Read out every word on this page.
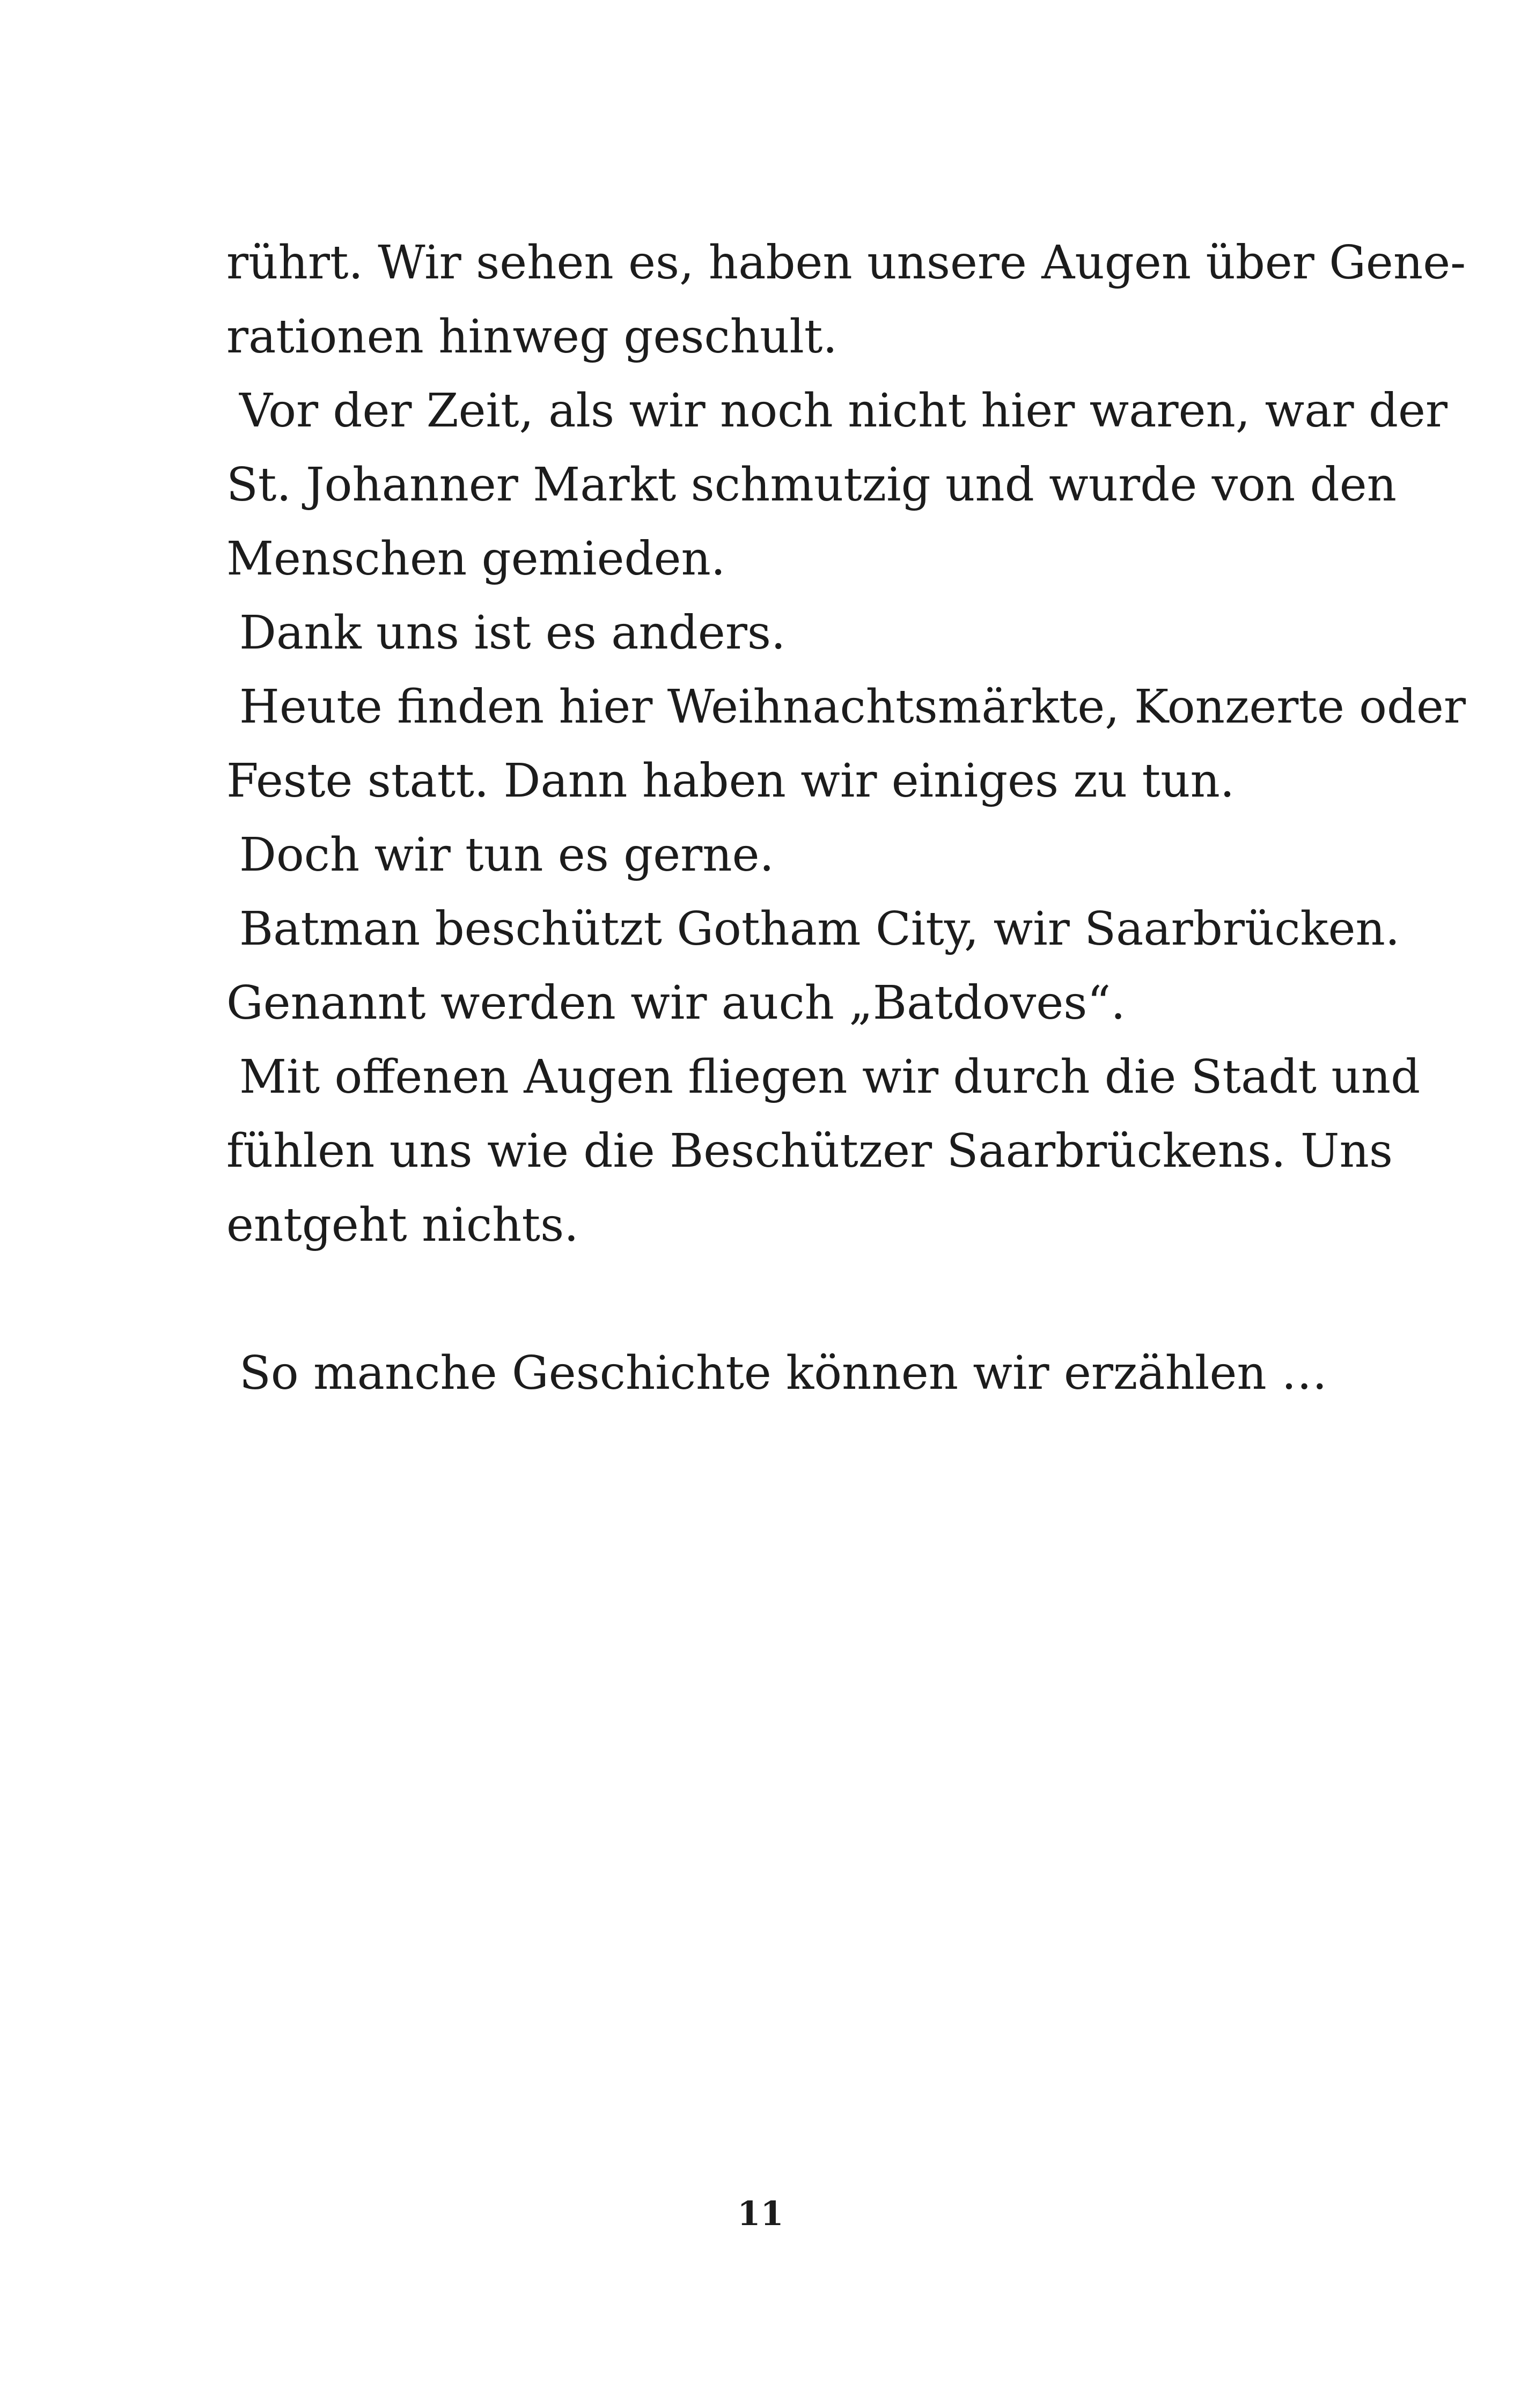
rührt. Wir sehen es, haben unsere Augen über Gene-
rationen hinweg geschult.
Vor der Zeit, als wir noch nicht hier waren, war der
St. Johanner Markt schmutzig und wurde von den
Menschen gemieden.
Dank uns ist es anders.
Heute finden hier Weihnachtsmärkte, Konzerte oder
Feste statt. Dann haben wir einiges zu tun.
Doch wir tun es gerne.
Batman beschützt Gotham City, wir Saarbrücken.
Genannt werden wir auch „Batdoves“.
Mit offenen Augen fliegen wir durch die Stadt und
fühlen uns wie die Beschützer Saarbrückens. Uns
entgeht nichts.
So manche Geschichte können wir erzählen …
11
